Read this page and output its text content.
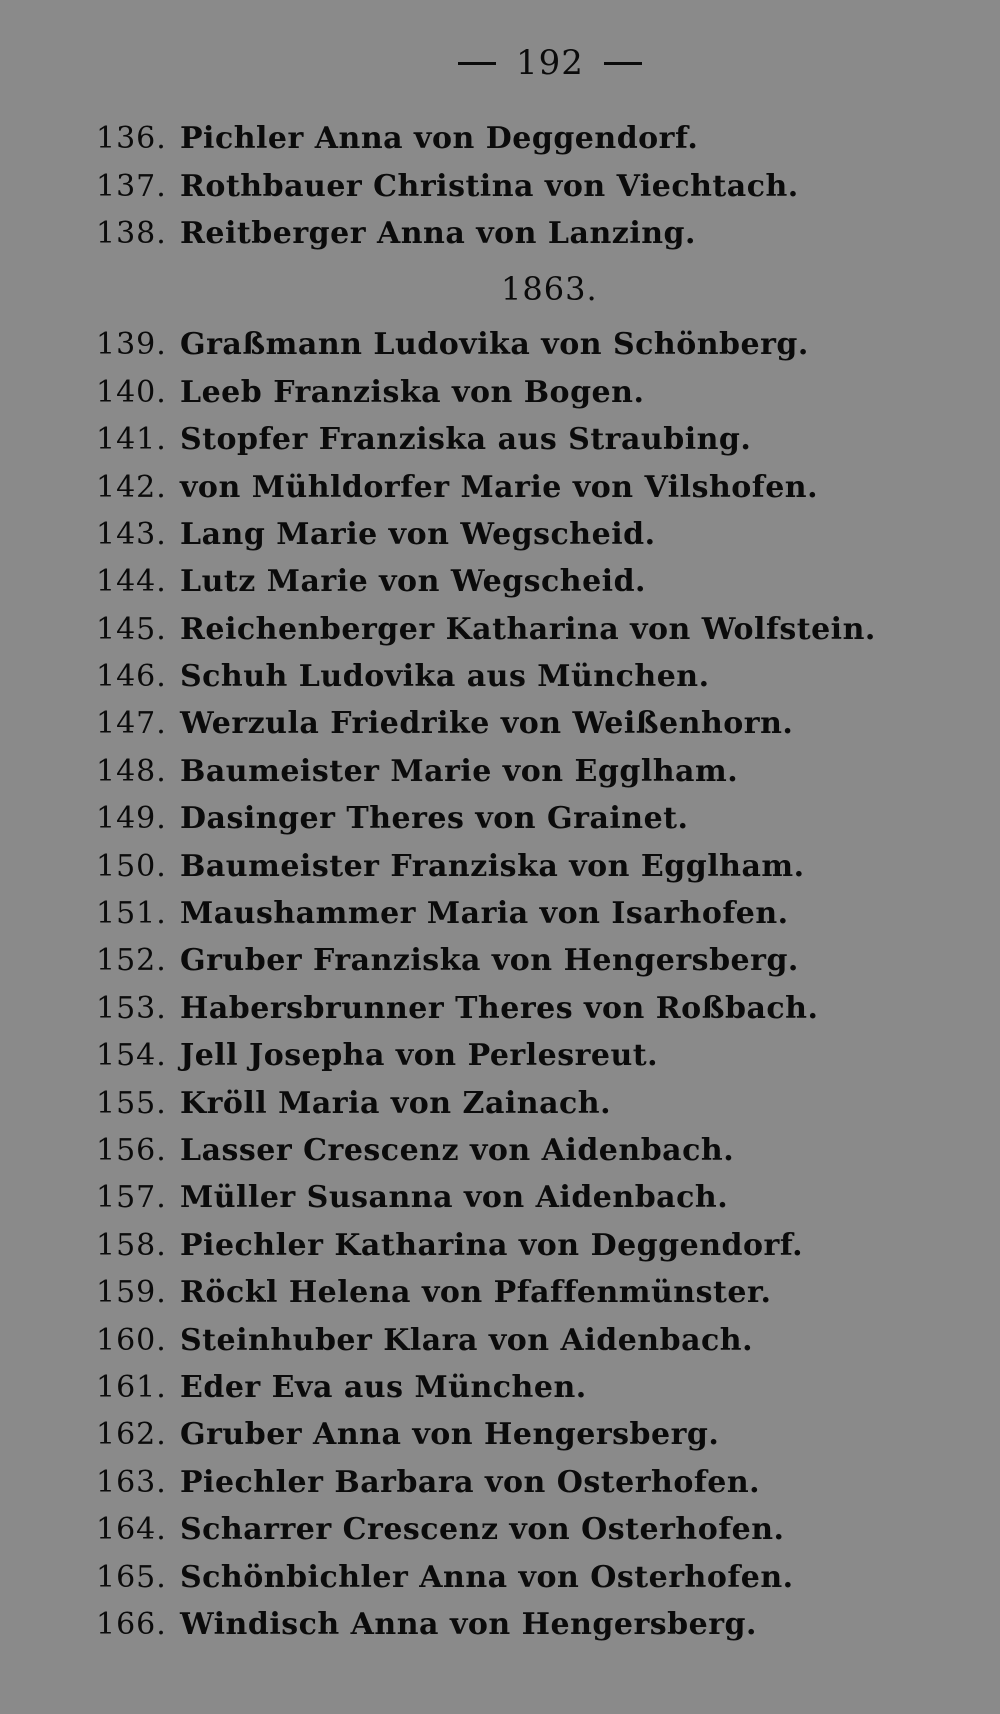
192
136. Pichler Anna von Deggendorf.
137. Rothbauer Christina von Viechtach.
138. Reitberger Anna von Lanzing.
1863.
139. Graßmann Ludovika von Schönberg.
140. Leeb Franziska von Bogen.
141. Stopfer Franziska aus Straubing.
142. von Mühldorfer Marie von Vilshofen.
143. Lang Marie von Wegscheid.
144. Lutz Marie von Wegscheid.
145. Reichenberger Katharina von Wolfstein.
146. Schuh Ludovika aus München.
147. Werzula Friedrike von Weißenhorn.
148. Baumeister Marie von Egglham.
149. Dasinger Theres von Grainet.
150. Baumeister Franziska von Egglham.
151. Maushammer Maria von Isarhofen.
152. Gruber Franziska von Hengersberg.
153. Habersbrunner Theres von Roßbach.
154. Jell Josepha von Perlesreut.
155. Kröll Maria von Zainach.
156. Lasser Crescenz von Aidenbach.
157. Müller Susanna von Aidenbach.
158. Piechler Katharina von Deggendorf.
159. Röckl Helena von Pfaffenmünster.
160. Steinhuber Klara von Aidenbach.
161. Eder Eva aus München.
162. Gruber Anna von Hengersberg.
163. Piechler Barbara von Osterhofen.
164. Scharrer Crescenz von Osterhofen.
165. Schönbichler Anna von Osterhofen.
166. Windisch Anna von Hengersberg.
